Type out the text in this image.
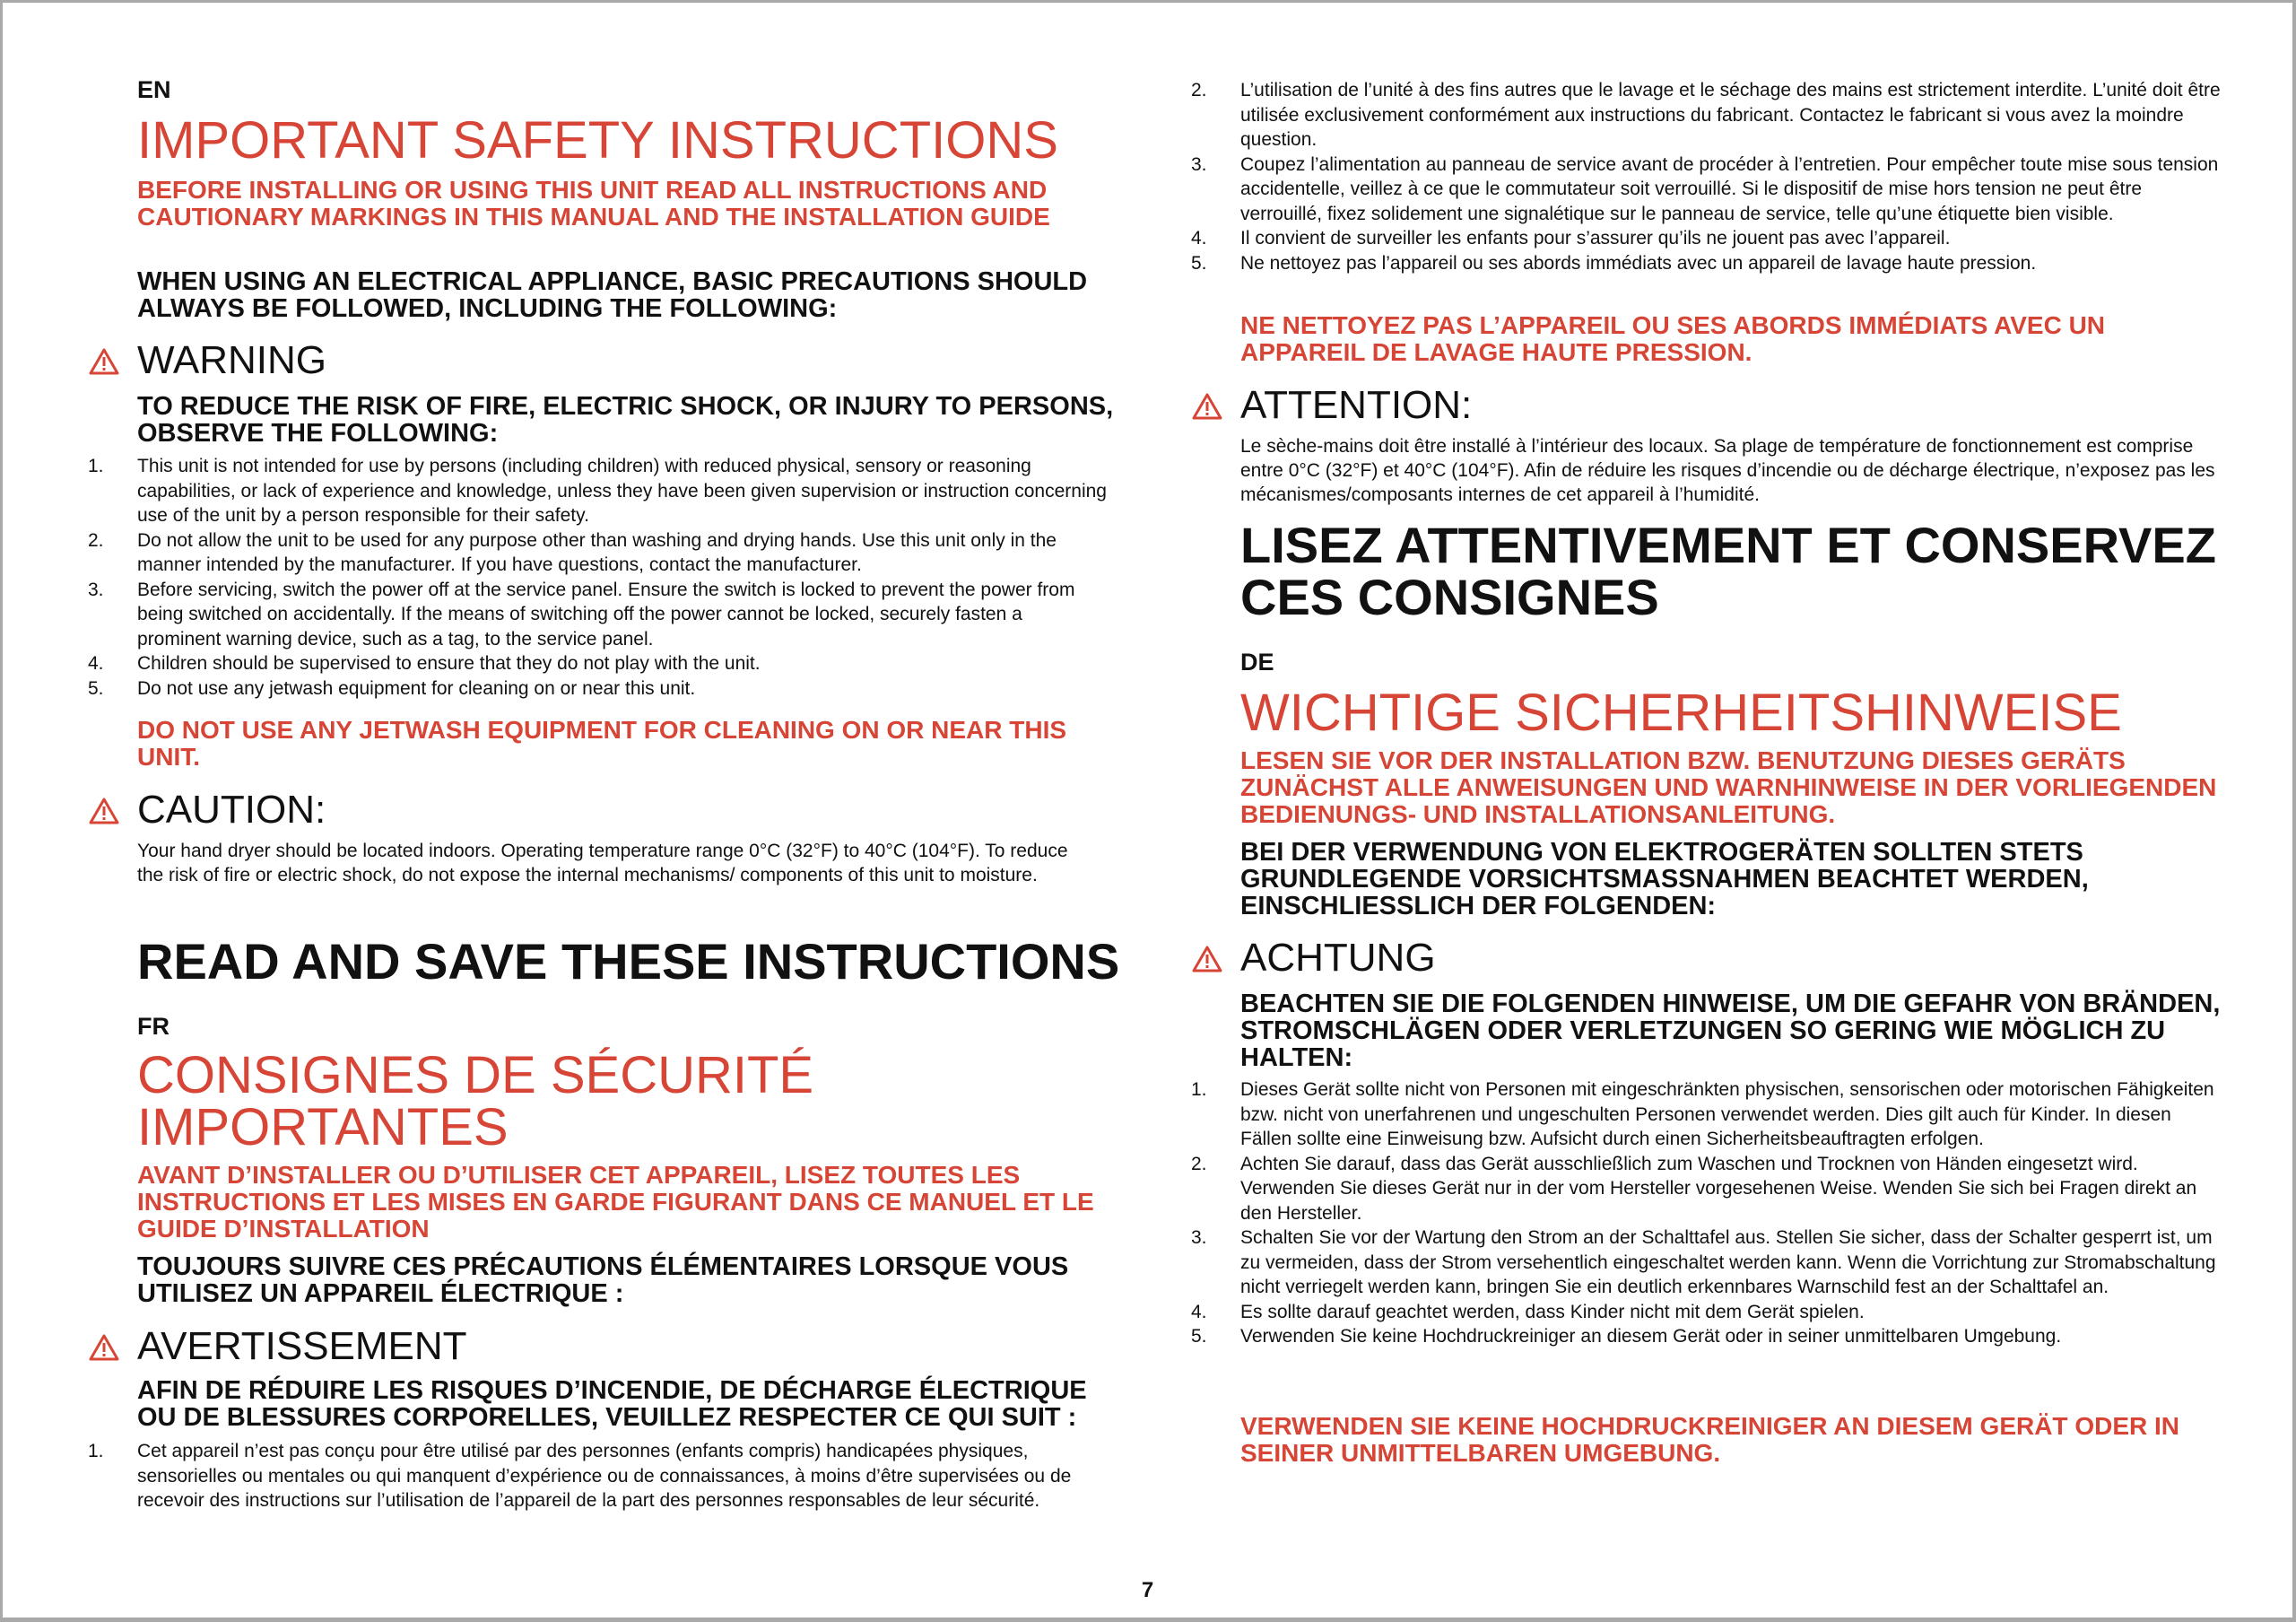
EN
IMPORTANT SAFETY INSTRUCTIONS
BEFORE INSTALLING OR USING THIS UNIT READ ALL INSTRUCTIONS AND CAUTIONARY MARKINGS IN THIS MANUAL AND THE INSTALLATION GUIDE
WHEN USING AN ELECTRICAL APPLIANCE, BASIC PRECAUTIONS SHOULD ALWAYS BE FOLLOWED, INCLUDING THE FOLLOWING:
WARNING
TO REDUCE THE RISK OF FIRE, ELECTRIC SHOCK, OR INJURY TO PERSONS, OBSERVE THE FOLLOWING:
1.	This unit is not intended for use by persons (including children) with reduced physical, sensory or reasoning capabilities, or lack of experience and knowledge, unless they have been given supervision or instruction concerning use of the unit by a person responsible for their safety.
2.	Do not allow the unit to be used for any purpose other than washing and drying hands. Use this unit only in the manner intended by the manufacturer. If you have questions, contact the manufacturer.
3.	Before servicing, switch the power off at the service panel. Ensure the switch is locked to prevent the power from being switched on accidentally. If the means of switching off the power cannot be locked, securely fasten a prominent warning device, such as a tag, to the service panel.
4.	Children should be supervised to ensure that they do not play with the unit.
5.	Do not use any jetwash equipment for cleaning on or near this unit.
DO NOT USE ANY JETWASH EQUIPMENT FOR CLEANING ON OR NEAR THIS UNIT.
CAUTION:
Your hand dryer should be located indoors. Operating temperature range 0°C (32°F) to 40°C (104°F). To reduce the risk of fire or electric shock, do not expose the internal mechanisms/ components of this unit to moisture.
READ AND SAVE THESE INSTRUCTIONS
FR
CONSIGNES DE SÉCURITÉ
IMPORTANTES
AVANT D’INSTALLER OU D’UTILISER CET APPAREIL, LISEZ TOUTES LES INSTRUCTIONS ET LES MISES EN GARDE FIGURANT DANS CE MANUEL ET LE GUIDE D’INSTALLATION
TOUJOURS SUIVRE CES PRÉCAUTIONS ÉLÉMENTAIRES LORSQUE VOUS UTILISEZ UN APPAREIL ÉLECTRIQUE :
AVERTISSEMENT
AFIN DE RÉDUIRE LES RISQUES D’INCENDIE, DE DÉCHARGE ÉLECTRIQUE OU DE BLESSURES CORPORELLES, VEUILLEZ RESPECTER CE QUI SUIT :
1.	Cet appareil n’est pas conçu pour être utilisé par des personnes (enfants compris) handicapées physiques, sensorielles ou mentales ou qui manquent d’expérience ou de connaissances, à moins d’être supervisées ou de recevoir des instructions sur l’utilisation de l’appareil de la part des personnes responsables de leur sécurité.
2.	L’utilisation de l’unité à des fins autres que le lavage et le séchage des mains est strictement interdite. L’unité doit être utilisée exclusivement conformément aux instructions du fabricant. Contactez le fabricant si vous avez la moindre question.
3.	Coupez l’alimentation au panneau de service avant de procéder à l’entretien. Pour empêcher toute mise sous tension accidentelle, veillez à ce que le commutateur soit verrouillé. Si le dispositif de mise hors tension ne peut être verrouillé, fixez solidement une signalétique sur le panneau de service, telle qu’une étiquette bien visible.
4.	Il convient de surveiller les enfants pour s’assurer qu’ils ne jouent pas avec l’appareil.
5.	Ne nettoyez pas l’appareil ou ses abords immédiats avec un appareil de lavage haute pression.
NE NETTOYEZ PAS L’APPAREIL OU SES ABORDS IMMÉDIATS AVEC UN APPAREIL DE LAVAGE HAUTE PRESSION.
ATTENTION:
Le sèche-mains doit être installé à l’intérieur des locaux. Sa plage de température de fonctionnement est comprise entre 0°C (32°F) et 40°C (104°F). Afin de réduire les risques d’incendie ou de décharge électrique, n’exposez pas les mécanismes/composants internes de cet appareil à l’humidité.
LISEZ ATTENTIVEMENT ET CONSERVEZ
CES CONSIGNES
DE
WICHTIGE SICHERHEITSHINWEISE
LESEN SIE VOR DER INSTALLATION BZW. BENUTZUNG DIESES GERÄTS ZUNÄCHST ALLE ANWEISUNGEN UND WARNHINWEISE IN DER VORLIEGENDEN BEDIENUNGS- UND INSTALLATIONSANLEITUNG.
BEI DER VERWENDUNG VON ELEKTROGERÄTEN SOLLTEN STETS GRUNDLEGENDE VORSICHTSMASSNAHMEN BEACHTET WERDEN, EINSCHLIESSLICH DER FOLGENDEN:
ACHTUNG
BEACHTEN SIE DIE FOLGENDEN HINWEISE, UM DIE GEFAHR VON BRÄNDEN, STROMSCHLÄGEN ODER VERLETZUNGEN SO GERING WIE MÖGLICH ZU HALTEN:
1.	Dieses Gerät sollte nicht von Personen mit eingeschränkten physischen, sensorischen oder motorischen Fähigkeiten bzw. nicht von unerfahrenen und ungeschulten Personen verwendet werden. Dies gilt auch für Kinder. In diesen Fällen sollte eine Einweisung bzw. Aufsicht durch einen Sicherheitsbeauftragten erfolgen.
2.	Achten Sie darauf, dass das Gerät ausschließlich zum Waschen und Trocknen von Händen eingesetzt wird. Verwenden Sie dieses Gerät nur in der vom Hersteller vorgesehenen Weise. Wenden Sie sich bei Fragen direkt an den Hersteller.
3.	Schalten Sie vor der Wartung den Strom an der Schalttafel aus. Stellen Sie sicher, dass der Schalter gesperrt ist, um zu vermeiden, dass der Strom versehentlich eingeschaltet werden kann. Wenn die Vorrichtung zur Stromabschaltung nicht verriegelt werden kann, bringen Sie ein deutlich erkennbares Warnschild fest an der Schalttafel an.
4.	Es sollte darauf geachtet werden, dass Kinder nicht mit dem Gerät spielen.
5.	Verwenden Sie keine Hochdruckreiniger an diesem Gerät oder in seiner unmittelbaren Umgebung.
VERWENDEN SIE KEINE HOCHDRUCKREINIGER AN DIESEM GERÄT ODER IN SEINER UNMITTELBAREN UMGEBUNG.
7
